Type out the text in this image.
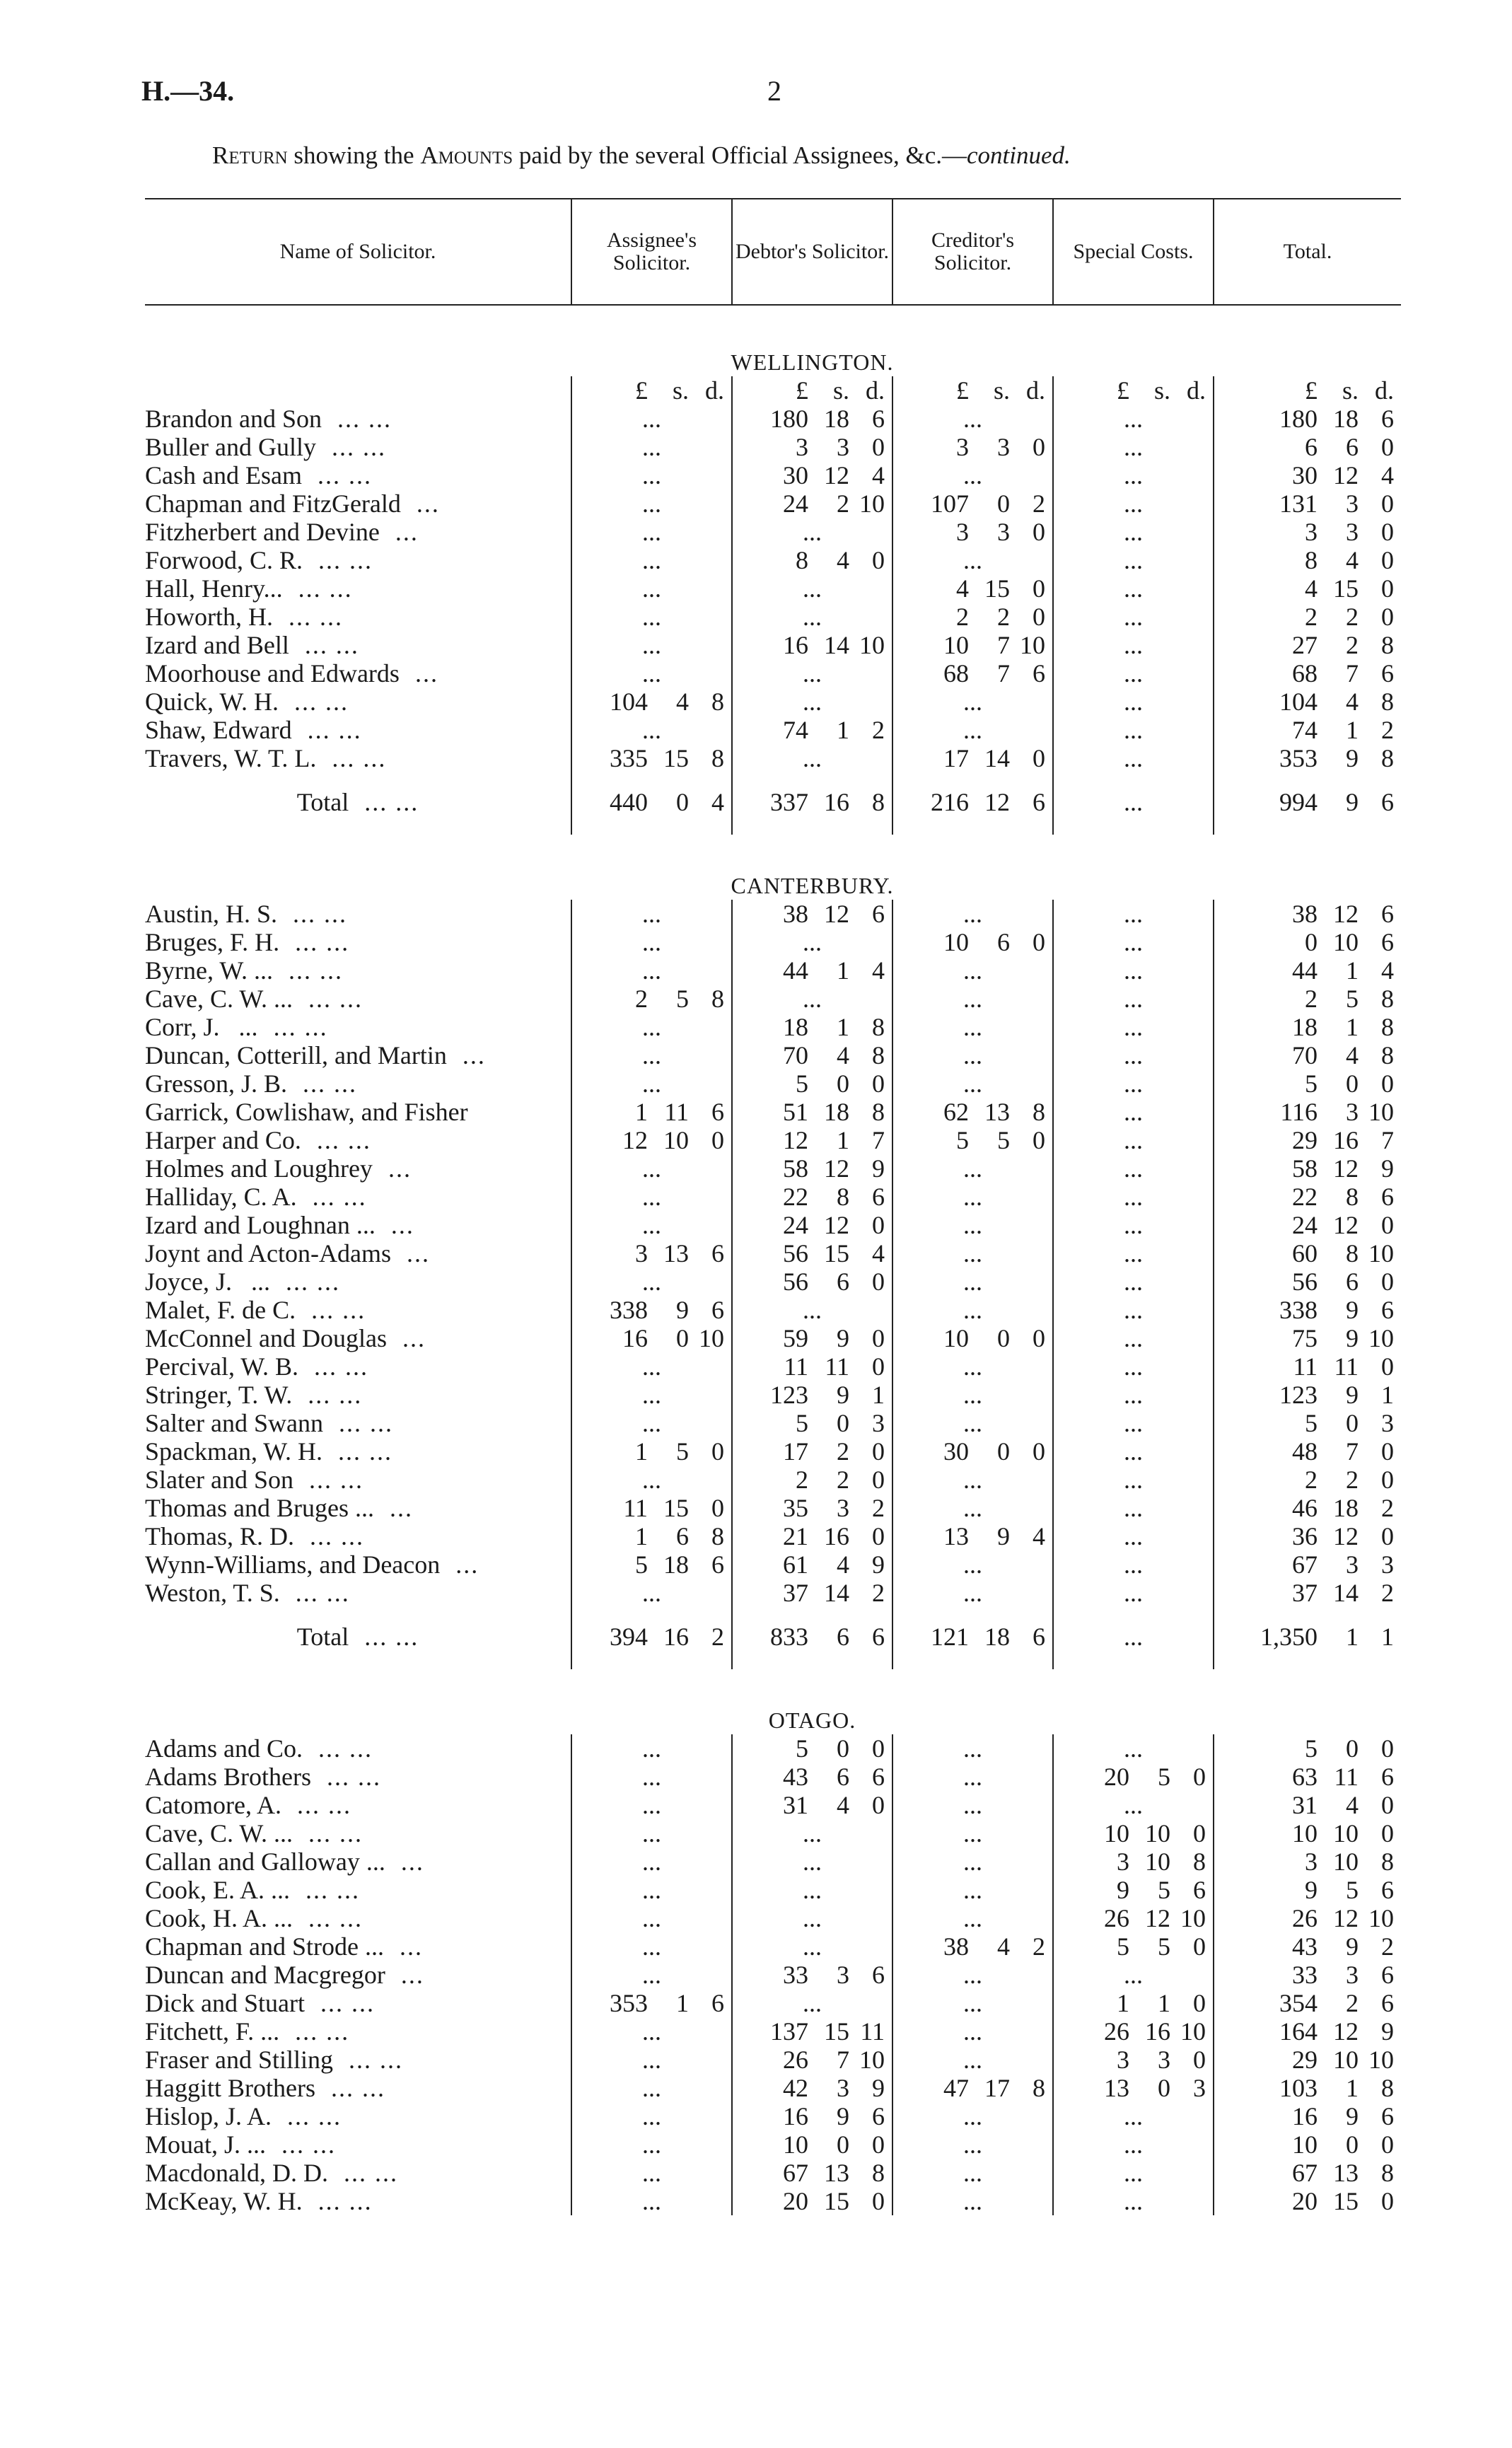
H.—34.	2
Return showing the Amounts paid by the several Official Assignees, &c.—continued.
Name of Solicitor.	Assignee's Solicitor.	Debtor's Solicitor.	Creditor's Solicitor.	Special Costs.	Total.
	WELLINGTON.				

	£ s. d.	£ s. d.	£ s. d.	£ s. d.	£ s. d.

Brandon and Son  ... ...	...	180 18 6	...	...	180 18 6

Buller and Gully  ... ...	...	3 3 0	3 3 0	...	6 6 0

Cash and Esam  ... ...	...	30 12 4	...	...	30 12 4

Chapman and FitzGerald  ...	...	24 2 10	107 0 2	...	131 3 0

Fitzherbert and Devine  ...	...	...	3 3 0	...	3 3 0

Forwood, C. R.  ... ...	...	8 4 0	...	...	8 4 0

Hall, Henry...  ... ...	...	...	4 15 0	...	4 15 0

Howorth, H.  ... ...	...	...	2 2 0	...	2 2 0

Izard and Bell  ... ...	...	16 14 10	10 7 10	...	27 2 8

Moorhouse and Edwards  ...	...	...	68 7 6	...	68 7 6

Quick, W. H.  ... ...	104 4 8	...	...	...	104 4 8

Shaw, Edward  ... ...	...	74 1 2	...	...	74 1 2

Travers, W. T. L.  ... ...	335 15 8	...	17 14 0	...	353 9 8

Total  ... ...	440 0 4	337 16 8	216 12 6	...	994 9 6

	CANTERBURY.				
Austin, H. S.  ... ...	...	38 12 6	...	...	38 12 6

Bruges, F. H.  ... ...	...	...	10 6 0	...	0 10 6

Byrne, W. ...  ... ...	...	44 1 4	...	...	44 1 4

Cave, C. W. ...  ... ...	2 5 8	...	...	...	2 5 8

Corr, J.   ...  ... ...	...	18 1 8	...	...	18 1 8

Duncan, Cotterill, and Martin  ...	...	70 4 8	...	...	70 4 8

Gresson, J. B.  ... ...	...	5 0 0	...	...	5 0 0

Garrick, Cowlishaw, and Fisher	1 11 6	51 18 8	62 13 8	...	116 3 10

Harper and Co.  ... ...	12 10 0	12 1 7	5 5 0	...	29 16 7

Holmes and Loughrey  ...	...	58 12 9	...	...	58 12 9

Halliday, C. A.  ... ...	...	22 8 6	...	...	22 8 6

Izard and Loughnan ...  ...	...	24 12 0	...	...	24 12 0

Joynt and Acton-Adams  ...	3 13 6	56 15 4	...	...	60 8 10

Joyce, J.   ...  ... ...	...	56 6 0	...	...	56 6 0

Malet, F. de C.  ... ...	338 9 6	...	...	...	338 9 6

McConnel and Douglas  ...	16 0 10	59 9 0	10 0 0	...	75 9 10

Percival, W. B.  ... ...	...	11 11 0	...	...	11 11 0

Stringer, T. W.  ... ...	...	123 9 1	...	...	123 9 1

Salter and Swann  ... ...	...	5 0 3	...	...	5 0 3

Spackman, W. H.  ... ...	1 5 0	17 2 0	30 0 0	...	48 7 0

Slater and Son  ... ...	...	2 2 0	...	...	2 2 0

Thomas and Bruges ...  ...	11 15 0	35 3 2	...	...	46 18 2

Thomas, R. D.  ... ...	1 6 8	21 16 0	13 9 4	...	36 12 0

Wynn-Williams, and Deacon  ...	5 18 6	61 4 9	...	...	67 3 3

Weston, T. S.  ... ...	...	37 14 2	...	...	37 14 2

Total  ... ...	394 16 2	833 6 6	121 18 6	...	1,350 1 1

	OTAGO.				
Adams and Co.  ... ...	...	5 0 0	...	...	5 0 0

Adams Brothers  ... ...	...	43 6 6	...	20 5 0	63 11 6

Catomore, A.  ... ...	...	31 4 0	...	...	31 4 0

Cave, C. W. ...  ... ...	...	...	...	10 10 0	10 10 0

Callan and Galloway ...  ...	...	...	...	3 10 8	3 10 8

Cook, E. A. ...  ... ...	...	...	...	9 5 6	9 5 6

Cook, H. A. ...  ... ...	...	...	...	26 12 10	26 12 10

Chapman and Strode ...  ...	...	...	38 4 2	5 5 0	43 9 2

Duncan and Macgregor  ...	...	33 3 6	...	...	33 3 6

Dick and Stuart  ... ...	353 1 6	...	...	1 1 0	354 2 6

Fitchett, F. ...  ... ...	...	137 15 11	...	26 16 10	164 12 9

Fraser and Stilling  ... ...	...	26 7 10	...	3 3 0	29 10 10

Haggitt Brothers  ... ...	...	42 3 9	47 17 8	13 0 3	103 1 8

Hislop, J. A.  ... ...	...	16 9 6	...	...	16 9 6

Mouat, J. ...  ... ...	...	10 0 0	...	...	10 0 0

Macdonald, D. D.  ... ...	...	67 13 8	...	...	67 13 8

McKeay, W. H.  ... ...	...	20 15 0	...	...	20 15 0
